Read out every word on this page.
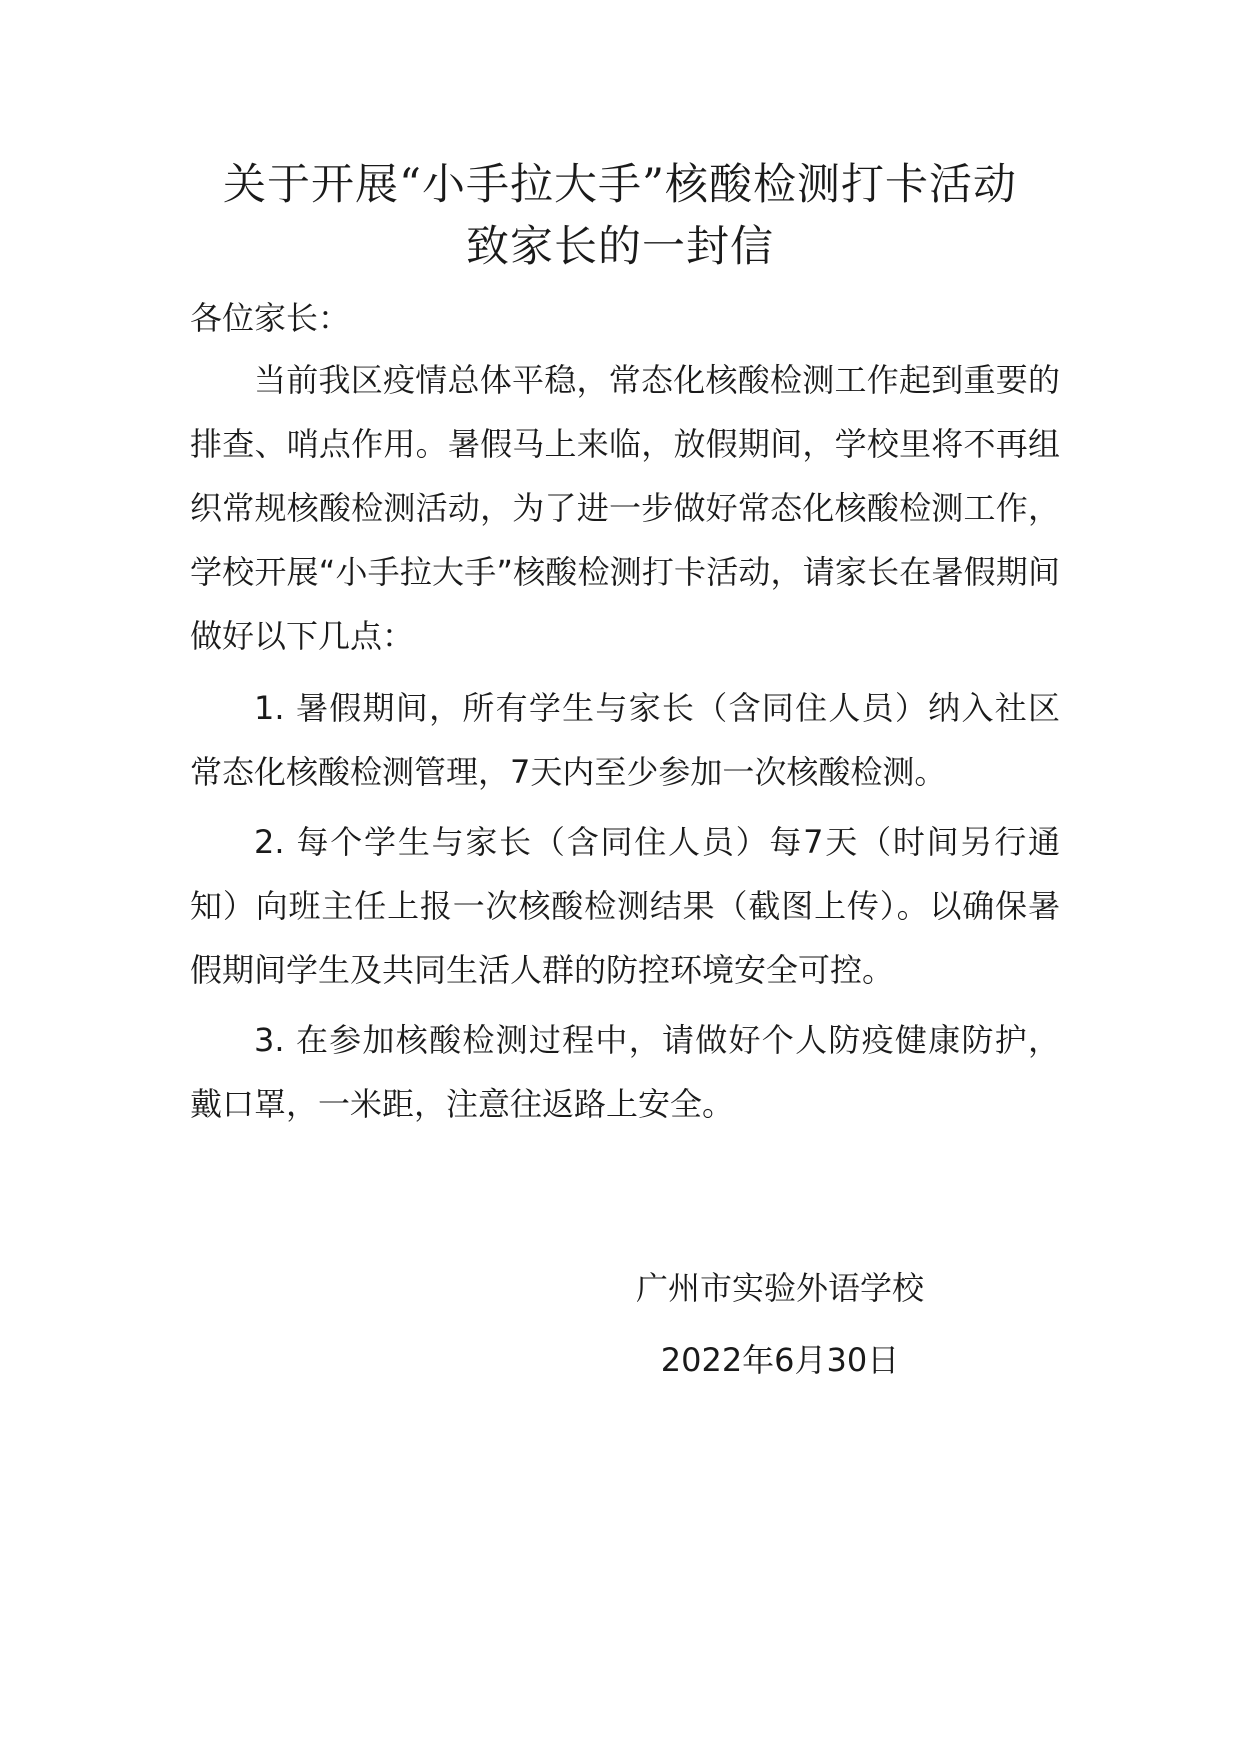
关于开展“小手拉大手”核酸检测打卡活动
致家长的一封信

各位家长：

当前我区疫情总体平稳，常态化核酸检测工作起到重要的排查、哨点作用。暑假马上来临，放假期间，学校里将不再组织常规核酸检测活动，为了进一步做好常态化核酸检测工作，学校开展“小手拉大手”核酸检测打卡活动，请家长在暑假期间做好以下几点：

1. 暑假期间，所有学生与家长（含同住人员）纳入社区常态化核酸检测管理，7天内至少参加一次核酸检测。

2. 每个学生与家长（含同住人员）每7天（时间另行通知）向班主任上报一次核酸检测结果（截图上传）。以确保暑假期间学生及共同生活人群的防控环境安全可控。

3. 在参加核酸检测过程中，请做好个人防疫健康防护，戴口罩，一米距，注意往返路上安全。

广州市实验外语学校
2022年6月30日
